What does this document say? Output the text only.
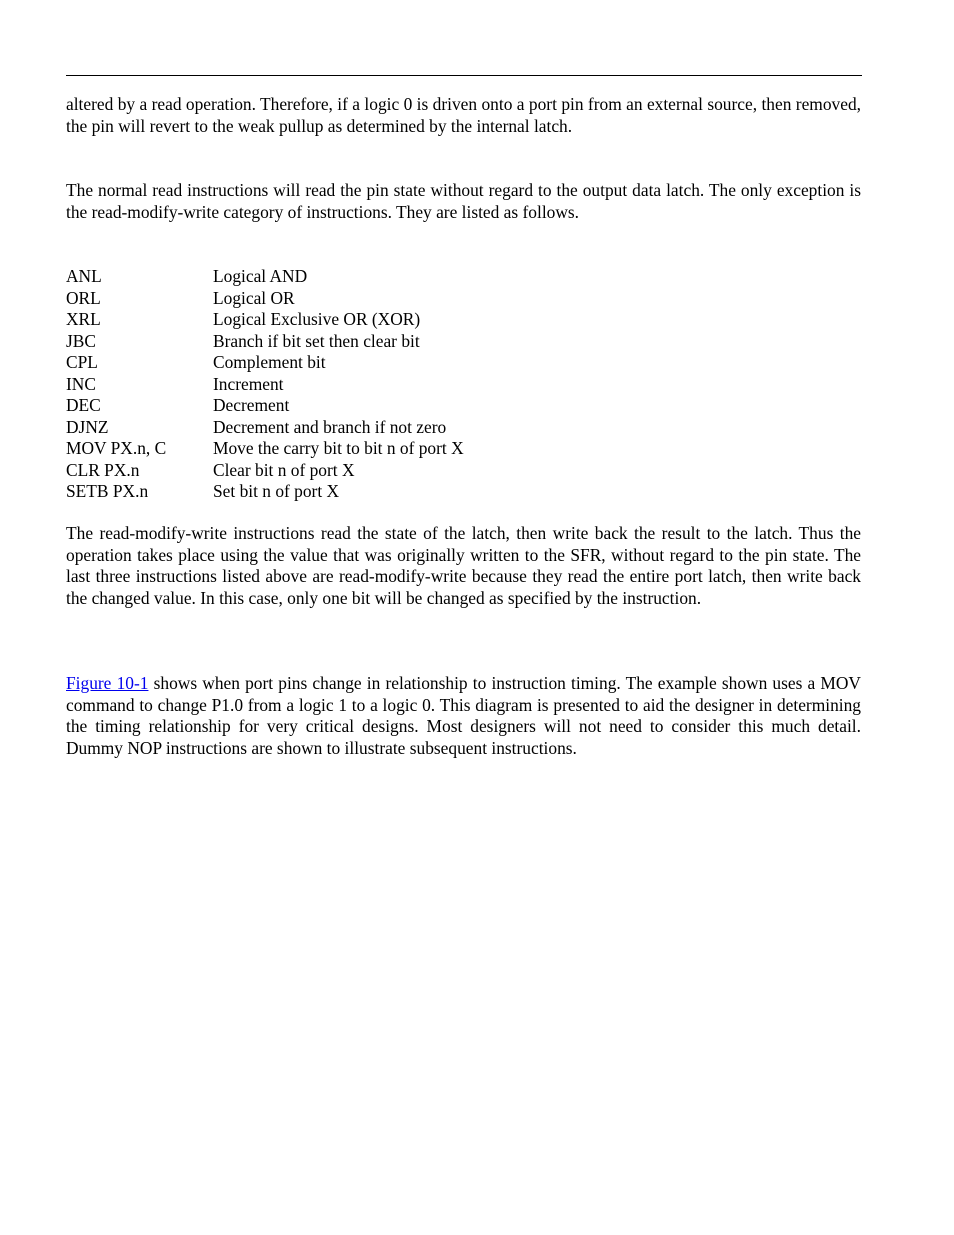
altered by a read operation. Therefore, if a logic 0 is driven onto a port pin from an external source, then removed, the pin will revert to the weak pullup as determined by the internal latch.

The normal read instructions will read the pin state without regard to the output data latch. The only exception is the read-modify-write category of instructions. They are listed as follows.

ANL	Logical AND
ORL	Logical OR
XRL	Logical Exclusive OR (XOR)
JBC	Branch if bit set then clear bit
CPL	Complement bit
INC	Increment
DEC	Decrement
DJNZ	Decrement and branch if not zero
MOV PX.n, C	Move the carry bit to bit n of port X
CLR PX.n	Clear bit n of port X
SETB PX.n	Set bit n of port X

The read-modify-write instructions read the state of the latch, then write back the result to the latch. Thus the operation takes place using the value that was originally written to the SFR, without regard to the pin state. The last three instructions listed above are read-modify-write because they read the entire port latch, then write back the changed value. In this case, only one bit will be changed as specified by the instruction.

Figure 10-1 shows when port pins change in relationship to instruction timing. The example shown uses a MOV command to change P1.0 from a logic 1 to a logic 0. This diagram is presented to aid the designer in determining the timing relationship for very critical designs. Most designers will not need to consider this much detail. Dummy NOP instructions are shown to illustrate subsequent instructions.
